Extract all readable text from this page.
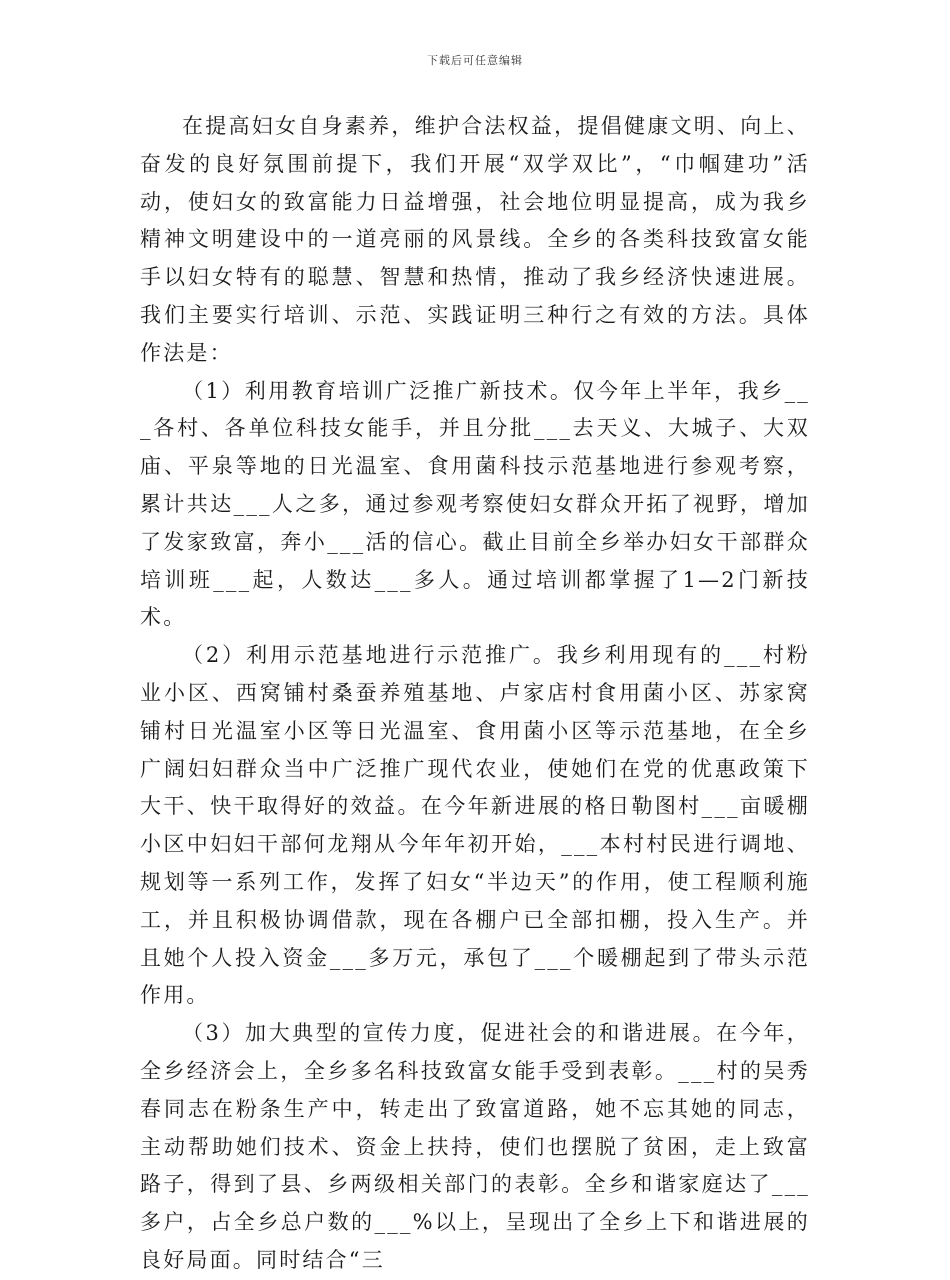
下载后可任意编辑

在提高妇女自身素养，维护合法权益，提倡健康文明、向上、奋发的良好氛围前提下，我们开展“双学双比”，“巾帼建功”活动，使妇女的致富能力日益增强，社会地位明显提高，成为我乡精神文明建设中的一道亮丽的风景线。全乡的各类科技致富女能手以妇女特有的聪慧、智慧和热情，推动了我乡经济快速进展。我们主要实行培训、示范、实践证明三种行之有效的方法。具体作法是：

（1）利用教育培训广泛推广新技术。仅今年上半年，我乡___各村、各单位科技女能手，并且分批___去天义、大城子、大双庙、平泉等地的日光温室、食用菌科技示范基地进行参观考察，累计共达___人之多，通过参观考察使妇女群众开拓了视野，增加了发家致富，奔小___活的信心。截止目前全乡举办妇女干部群众培训班___起，人数达___多人。通过培训都掌握了1—2门新技术。

（2）利用示范基地进行示范推广。我乡利用现有的___村粉业小区、西窝铺村桑蚕养殖基地、卢家店村食用菌小区、苏家窝铺村日光温室小区等日光温室、食用菌小区等示范基地，在全乡广阔妇妇群众当中广泛推广现代农业，使她们在党的优惠政策下大干、快干取得好的效益。在今年新进展的格日勒图村___亩暖棚小区中妇妇干部何龙翔从今年年初开始，___本村村民进行调地、规划等一系列工作，发挥了妇女“半边天”的作用，使工程顺利施工，并且积极协调借款，现在各棚户已全部扣棚，投入生产。并且她个人投入资金___多万元，承包了___个暖棚起到了带头示范作用。

（3）加大典型的宣传力度，促进社会的和谐进展。在今年，全乡经济会上，全乡多名科技致富女能手受到表彰。___村的吴秀春同志在粉条生产中，转走出了致富道路，她不忘其她的同志，主动帮助她们技术、资金上扶持，使们也摆脱了贫困，走上致富路子，得到了县、乡两级相关部门的表彰。全乡和谐家庭达了___多户，占全乡总户数的___%以上，呈现出了全乡上下和谐进展的良好局面。同时结合“三
